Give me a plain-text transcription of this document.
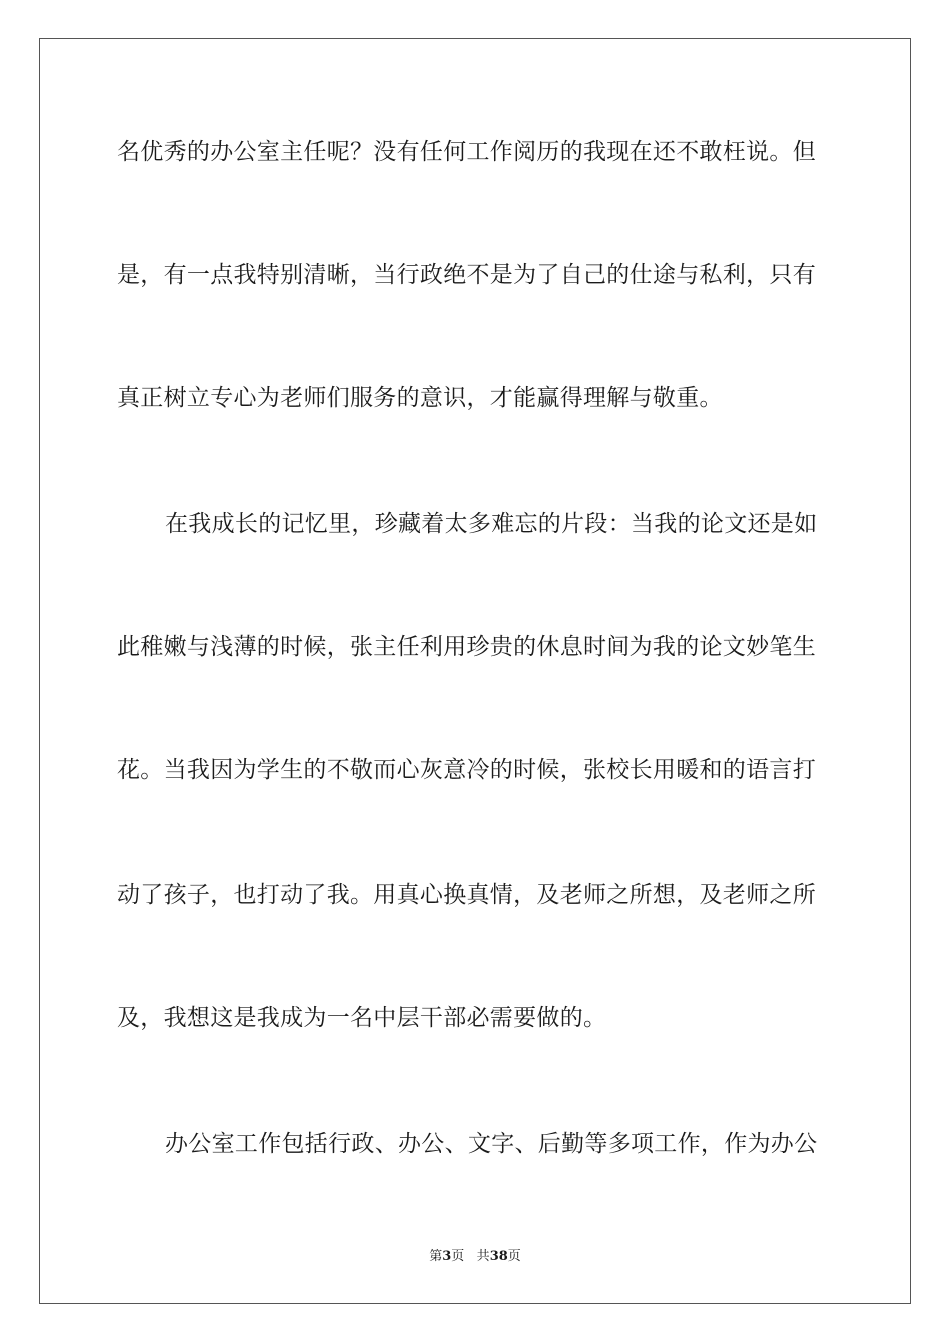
名优秀的办公室主任呢？没有任何工作阅历的我现在还不敢枉说。但
是，有一点我特别清晰，当行政绝不是为了自己的仕途与私利，只有
真正树立专心为老师们服务的意识，才能赢得理解与敬重。
在我成长的记忆里，珍藏着太多难忘的片段：当我的论文还是如
此稚嫩与浅薄的时候，张主任利用珍贵的休息时间为我的论文妙笔生
花。当我因为学生的不敬而心灰意冷的时候，张校长用暖和的语言打
动了孩子，也打动了我。用真心换真情，及老师之所想，及老师之所
及，我想这是我成为一名中层干部必需要做的。
办公室工作包括行政、办公、文字、后勤等多项工作，作为办公
第3页 共38页
